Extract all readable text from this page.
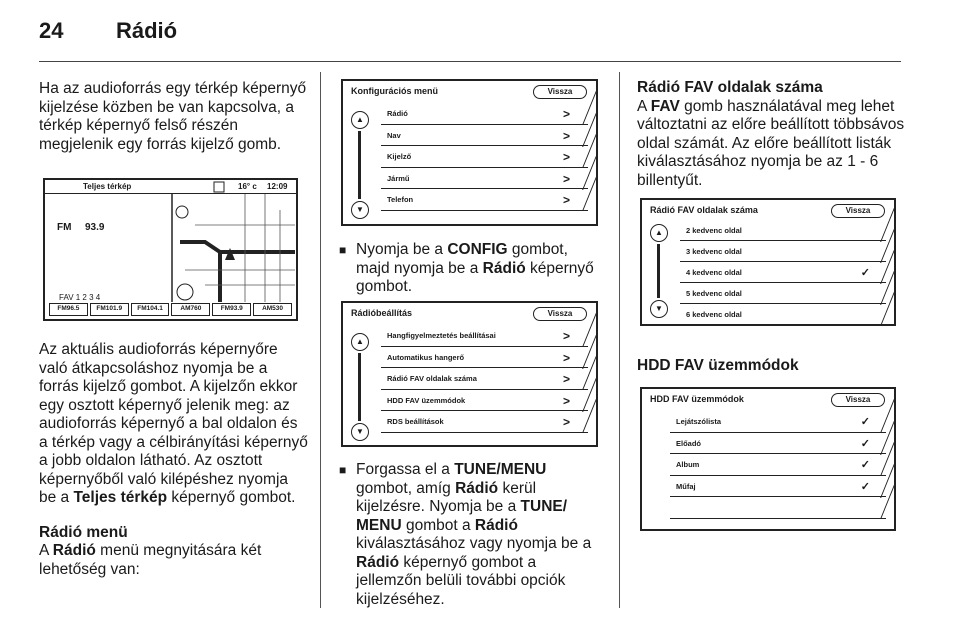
24 Rádió

Ha az audioforrás egy térkép képernyő kijelzése közben be van kapcsolva, a térkép képernyő felső részén megjelenik egy forrás kijelző gomb.

Teljes térkép	16° c 12:09
FM 93.9
FAV 1 2 3 4
FM96.5	FM101.9	FM104.1	AM760	FM93.9	AM530

Az aktuális audioforrás képernyőre való átkapcsoláshoz nyomja be a forrás kijelző gombot. A kijelzőn ekkor egy osztott képernyő jelenik meg: az audioforrás képernyő a bal oldalon és a térkép vagy a célbirányítási képernyő a jobb oldalon látható. Az osztott képernyőből való kilépéshez nyomja be a Teljes térkép képernyő gombot.

Rádió menü

A Rádió menü megnyitására két lehetőség van:

Konfigurációs menü	Vissza
▲
▼
Rádió	>
Nav	>
Kijelző	>
Jármű	>
Telefon	>
■ Nyomja be a CONFIG gombot, majd nyomja be a Rádió képernyő gombot.
Rádióbeállítás	Vissza
▲
▼
Hangfigyelmeztetés beállításai	>
Automatikus hangerő	>
Rádió FAV oldalak száma	>
HDD FAV üzemmódok	>
RDS beállítások	>
■ Forgassa el a TUNE/MENU gombot, amíg Rádió kerül kijelzésre. Nyomja be a TUNE/ MENU gombot a Rádió kiválasztásához vagy nyomja be a Rádió képernyő gombot a jellemzőn belüli további opciók kijelzéséhez.
Rádió FAV oldalak száma

A FAV gomb használatával meg lehet változtatni az előre beállított többsávos oldal számát. Az előre beállított listák kiválasztásához nyomja be az 1 - 6 billentyűt.

Rádió FAV oldalak száma	Vissza
▲
▼
2 kedvenc oldal
3 kedvenc oldal
4 kedvenc oldal	✓
5 kedvenc oldal
6 kedvenc oldal
HDD FAV üzemmódok
HDD FAV üzemmódok	Vissza
Lejátszólista	✓
Előadó	✓
Album	✓
Műfaj	✓
